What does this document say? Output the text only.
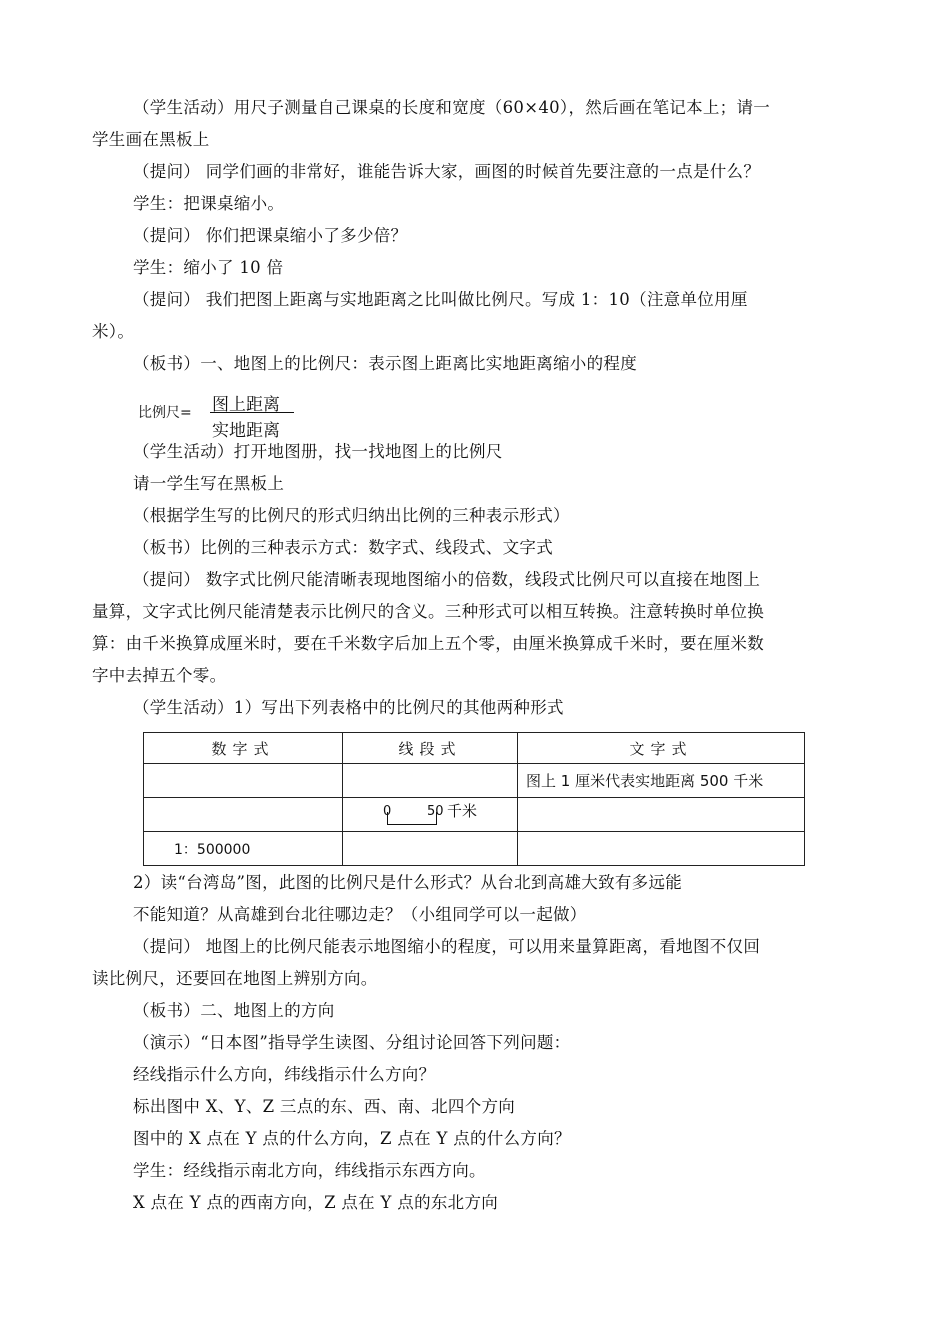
（学生活动）用尺子测量自己课桌的长度和宽度（60×40），然后画在笔记本上；请一
学生画在黑板上
（提问） 同学们画的非常好，谁能告诉大家，画图的时候首先要注意的一点是什么？
学生：把课桌缩小。
（提问） 你们把课桌缩小了多少倍？
学生：缩小了 10 倍
（提问） 我们把图上距离与实地距离之比叫做比例尺。写成 1：10（注意单位用厘
米）。
（板书）一、地图上的比例尺：表示图上距离比实地距离缩小的程度
比例尺= 图上距离
实地距离
（学生活动）打开地图册，找一找地图上的比例尺
请一学生写在黑板上
（根据学生写的比例尺的形式归纳出比例的三种表示形式）
（板书）比例的三种表示方式：数字式、线段式、文字式
（提问） 数字式比例尺能清晰表现地图缩小的倍数，线段式比例尺可以直接在地图上
量算，文字式比例尺能清楚表示比例尺的含义。三种形式可以相互转换。注意转换时单位换
算：由千米换算成厘米时，要在千米数字后加上五个零，由厘米换算成千米时，要在厘米数
字中去掉五个零。
（学生活动）1）写出下列表格中的比例尺的其他两种形式
数字式	线段式	文字式
		图上 1 厘米代表实地距离 500 千米

	0 50 千米	

1：500000		
2）读“台湾岛”图，此图的比例尺是什么形式？从台北到高雄大致有多远能
不能知道？从高雄到台北往哪边走？（小组同学可以一起做）
（提问） 地图上的比例尺能表示地图缩小的程度，可以用来量算距离，看地图不仅回
读比例尺，还要回在地图上辨别方向。
（板书）二、地图上的方向
（演示）“日本图”指导学生读图、分组讨论回答下列问题：
经线指示什么方向，纬线指示什么方向？
标出图中 X、Y、Z 三点的东、西、南、北四个方向
图中的 X 点在 Y 点的什么方向，Z 点在 Y 点的什么方向？
学生：经线指示南北方向，纬线指示东西方向。
X 点在 Y 点的西南方向，Z 点在 Y 点的东北方向
